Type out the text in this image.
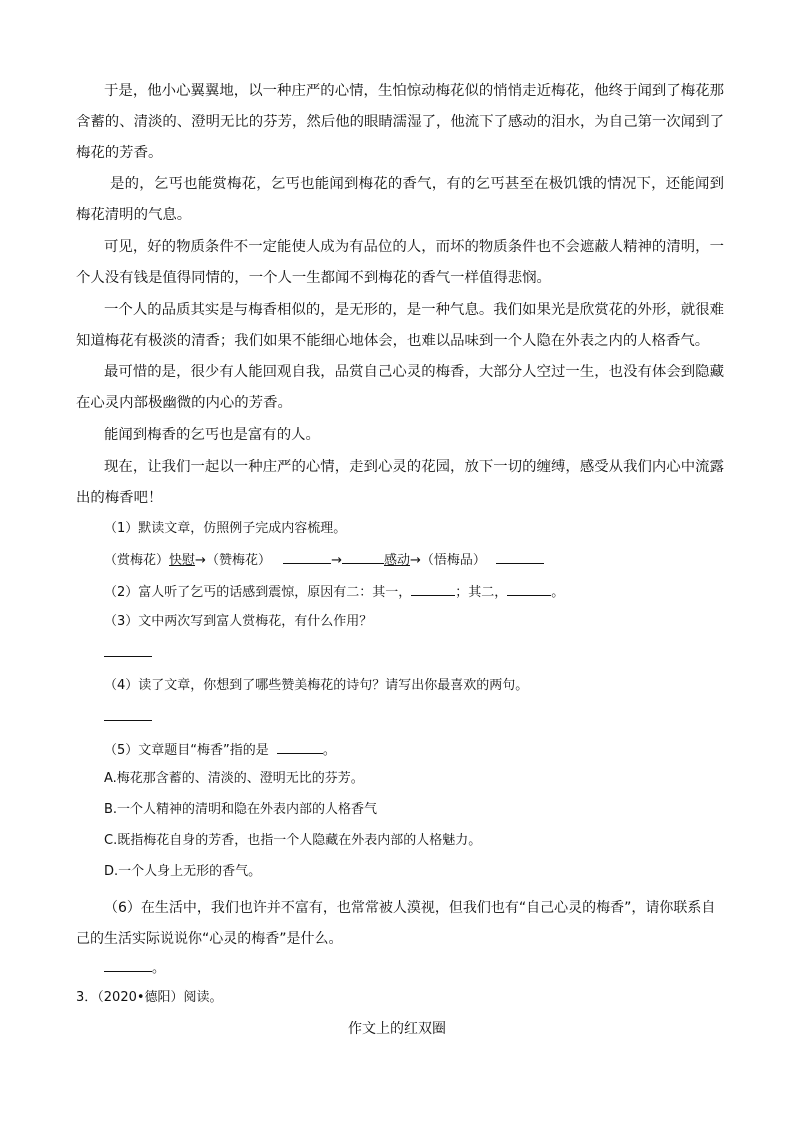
于是，他小心翼翼地，以一种庄严的心情，生怕惊动梅花似的悄悄走近梅花，他终于闻到了梅花那含蓄的、清淡的、澄明无比的芬芳，然后他的眼睛濡湿了，他流下了感动的泪水，为自己第一次闻到了梅花的芳香。

是的，乞丐也能赏梅花，乞丐也能闻到梅花的香气，有的乞丐甚至在极饥饿的情况下，还能闻到梅花清明的气息。

可见，好的物质条件不一定能使人成为有品位的人，而坏的物质条件也不会遮蔽人精神的清明，一个人没有钱是值得同情的，一个人一生都闻不到梅花的香气一样值得悲悯。

一个人的品质其实是与梅香相似的，是无形的，是一种气息。我们如果光是欣赏花的外形，就很难知道梅花有极淡的清香；我们如果不能细心地体会，也难以品味到一个人隐在外表之内的人格香气。

最可惜的是，很少有人能回观自我，品赏自己心灵的梅香，大部分人空过一生，也没有体会到隐藏在心灵内部极幽微的内心的芳香。

能闻到梅香的乞丐也是富有的人。

现在，让我们一起以一种庄严的心情，走到心灵的花园，放下一切的缠缚，感受从我们内心中流露出的梅香吧！

（1）默读文章，仿照例子完成内容梳理。

（赏梅花）快慰→（赞梅花）	→	感动→（悟梅品）

（2）富人听了乞丐的话感到震惊，原因有二：其一，	；其二，	。

（3）文中两次写到富人赏梅花，有什么作用？

（4）读了文章，你想到了哪些赞美梅花的诗句？请写出你最喜欢的两句。

（5）文章题目“梅香”指的是	。

A.梅花那含蓄的、清淡的、澄明无比的芬芳。

B.一个人精神的清明和隐在外表内部的人格香气

C.既指梅花自身的芳香，也指一个人隐藏在外表内部的人格魅力。

D.一个人身上无形的香气。

（6）在生活中，我们也许并不富有，也常常被人漠视，但我们也有“自己心灵的梅香”，请你联系自己的生活实际说说你“心灵的梅香”是什么。

。

3．（2020•德阳）阅读。

作文上的红双圈
